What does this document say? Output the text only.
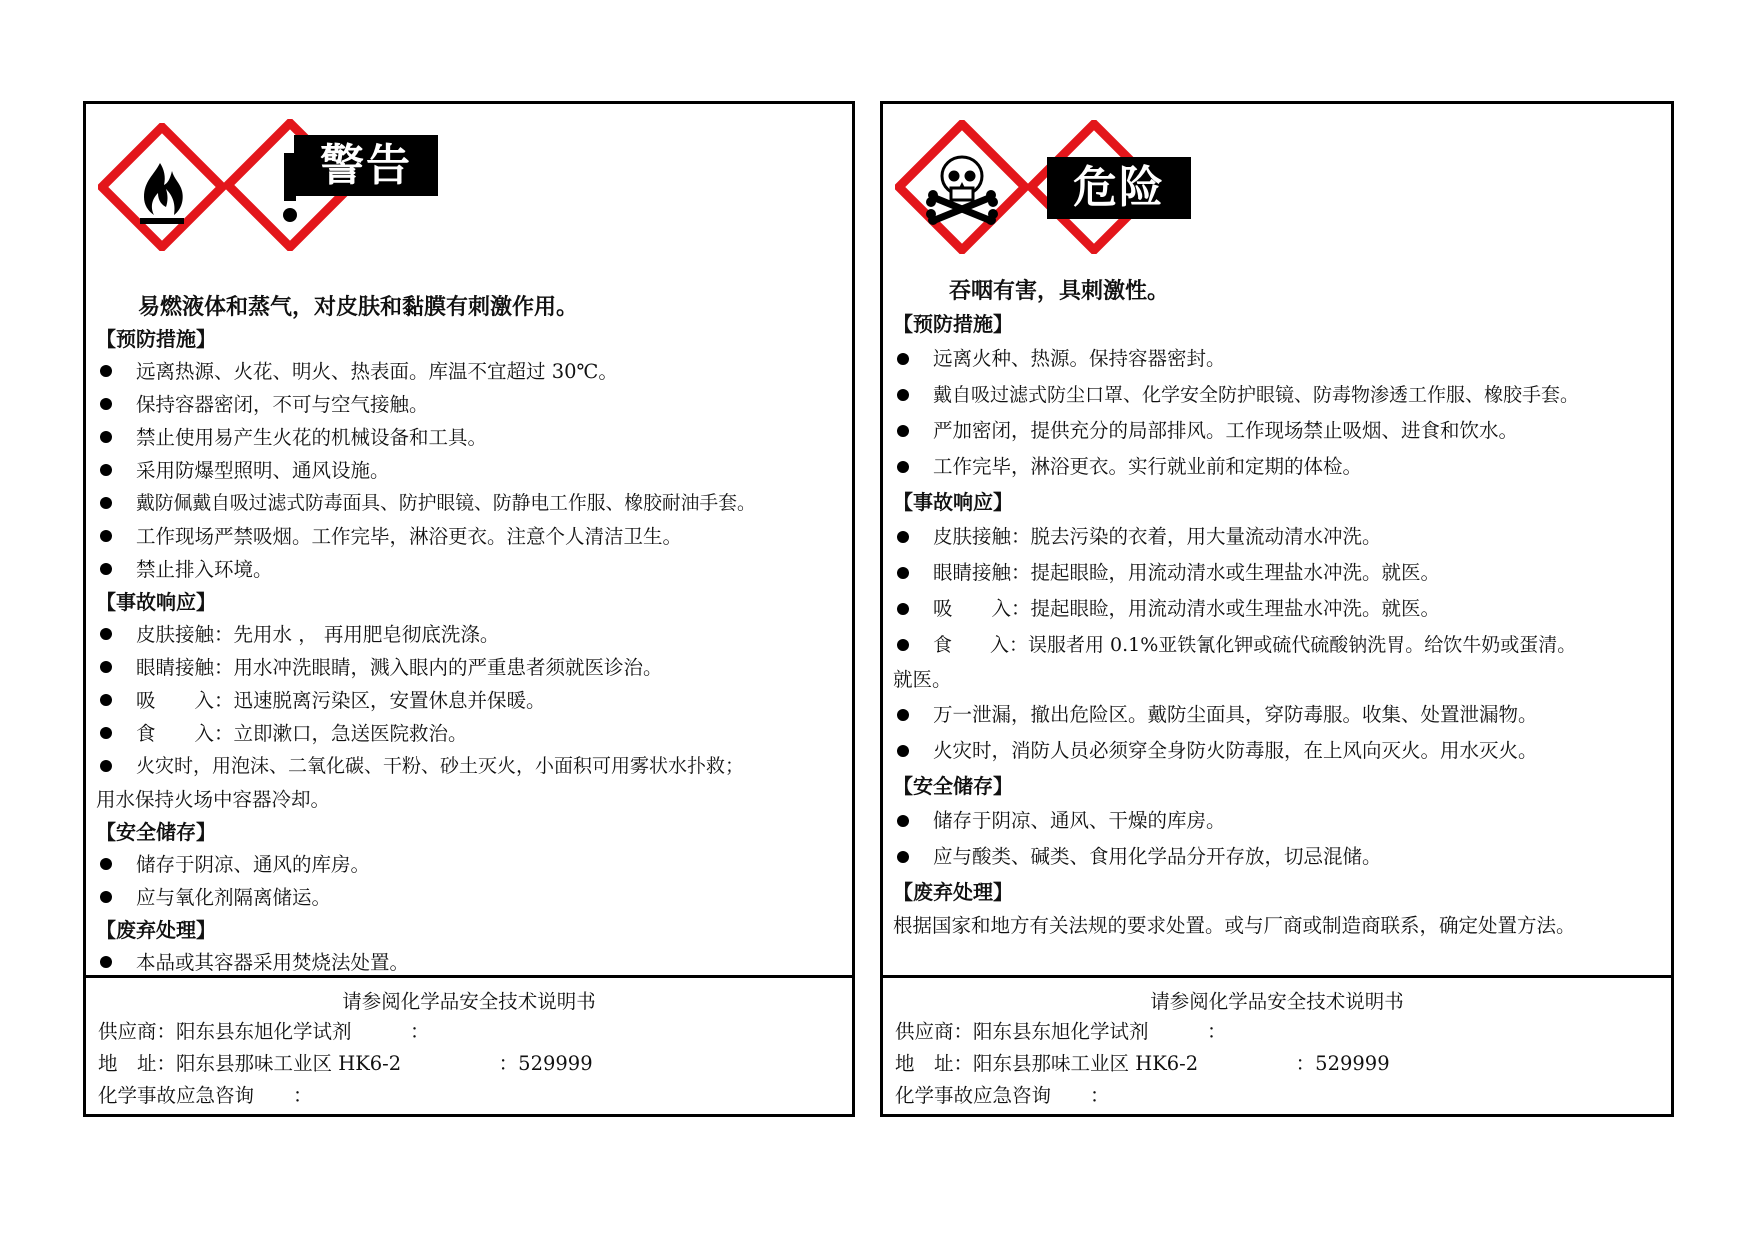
警告
易燃液体和蒸气，对皮肤和黏膜有刺激作用。
【预防措施】
远离热源、火花、明火、热表面。库温不宜超过 30℃。
保持容器密闭，不可与空气接触。
禁止使用易产生火花的机械设备和工具。
采用防爆型照明、通风设施。
戴防佩戴自吸过滤式防毒面具、防护眼镜、防静电工作服、橡胶耐油手套。
工作现场严禁吸烟。工作完毕，淋浴更衣。注意个人清洁卫生。
禁止排入环境。
【事故响应】
皮肤接触：先用水 ， 再用肥皂彻底洗涤。
眼睛接触：用水冲洗眼睛，溅入眼内的严重患者须就医诊治。
吸　　入：迅速脱离污染区，安置休息并保暖。
食　　入：立即漱口，急送医院救治。
火灾时，用泡沫、二氧化碳、干粉、砂土灭火，小面积可用雾状水扑救；
用水保持火场中容器冷却。
【安全储存】
储存于阴凉、通风的库房。
应与氧化剂隔离储运。
【废弃处理】
本品或其容器采用焚烧法处置。
请参阅化学品安全技术说明书
供应商：阳东县东旭化学试剂　　　：
地　址：阳东县那味工业区 HK6-2　　　　　：529999
化学事故应急咨询　　：
危险
吞咽有害，具刺激性。
【预防措施】
远离火种、热源。保持容器密封。
戴自吸过滤式防尘口罩、化学安全防护眼镜、防毒物渗透工作服、橡胶手套。
严加密闭，提供充分的局部排风。工作现场禁止吸烟、进食和饮水。
工作完毕，淋浴更衣。实行就业前和定期的体检。
【事故响应】
皮肤接触：脱去污染的衣着，用大量流动清水冲洗。
眼睛接触：提起眼睑，用流动清水或生理盐水冲洗。就医。
吸　　入：提起眼睑，用流动清水或生理盐水冲洗。就医。
食　　入：误服者用 0.1%亚铁氰化钾或硫代硫酸钠洗胃。给饮牛奶或蛋清。
就医。
万一泄漏，撤出危险区。戴防尘面具，穿防毒服。收集、处置泄漏物。
火灾时，消防人员必须穿全身防火防毒服，在上风向灭火。用水灭火。
【安全储存】
储存于阴凉、通风、干燥的库房。
应与酸类、碱类、食用化学品分开存放，切忌混储。
【废弃处理】
根据国家和地方有关法规的要求处置。或与厂商或制造商联系，确定处置方法。
请参阅化学品安全技术说明书
供应商：阳东县东旭化学试剂　　　：
地　址：阳东县那味工业区 HK6-2　　　　　：529999
化学事故应急咨询　　：
